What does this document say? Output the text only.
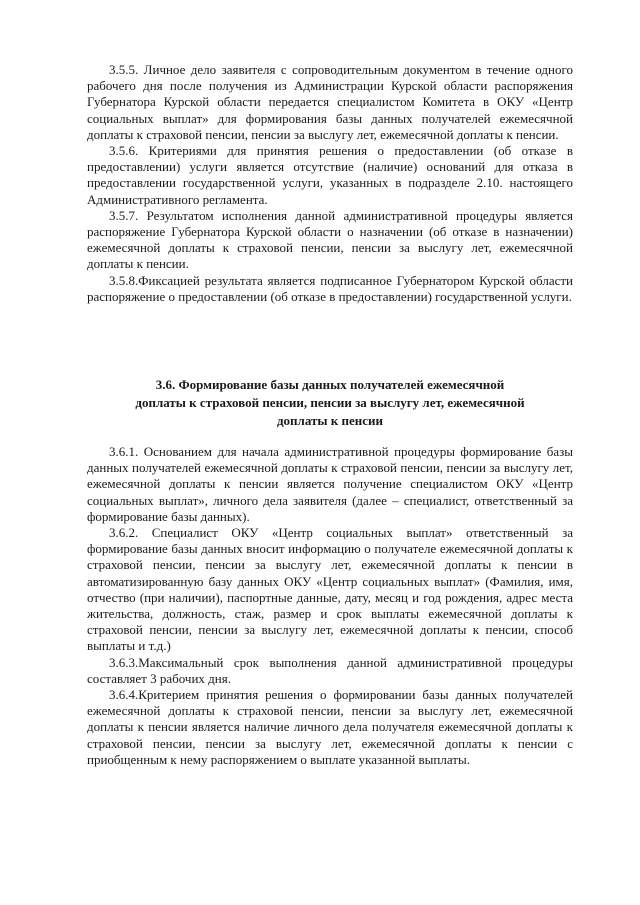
3.5.5. Личное дело заявителя с сопроводительным документом в течение одного рабочего дня после получения из Администрации Курской области распоряжения Губернатора Курской области передается специалистом Комитета в ОКУ «Центр социальных выплат» для формирования базы данных получателей ежемесячной доплаты к страховой пенсии, пенсии за выслугу лет, ежемесячной доплаты к пенсии.

3.5.6. Критериями для принятия решения о предоставлении (об отказе в предоставлении) услуги является отсутствие (наличие) оснований для отказа в предоставлении государственной услуги, указанных в подразделе 2.10. настоящего Административного регламента.

3.5.7. Результатом исполнения данной административной процедуры является распоряжение Губернатора Курской области о назначении (об отказе в назначении) ежемесячной доплаты к страховой пенсии, пенсии за выслугу лет, ежемесячной доплаты к пенсии.

3.5.8.Фиксацией результата является подписанное Губернатором Курской области распоряжение о предоставлении (об отказе в предоставлении) государственной услуги.

3.6. Формирование базы данных получателей ежемесячной
доплаты к страховой пенсии, пенсии за выслугу лет, ежемесячной
доплаты к пенсии

3.6.1. Основанием для начала административной процедуры формирование базы данных получателей ежемесячной доплаты к страховой пенсии, пенсии за выслугу лет, ежемесячной доплаты к пенсии является получение специалистом ОКУ «Центр социальных выплат», личного дела заявителя (далее – специалист, ответственный за формирование базы данных).

3.6.2. Специалист ОКУ «Центр социальных выплат» ответственный за формирование базы данных вносит информацию о получателе ежемесячной доплаты к страховой пенсии, пенсии за выслугу лет, ежемесячной доплаты к пенсии в автоматизированную базу данных ОКУ «Центр социальных выплат» (Фамилия, имя, отчество (при наличии), паспортные данные, дату, месяц и год рождения, адрес места жительства, должность, стаж, размер и срок выплаты ежемесячной доплаты к страховой пенсии, пенсии за выслугу лет, ежемесячной доплаты к пенсии, способ выплаты и т.д.)

3.6.3.Максимальный срок выполнения данной административной процедуры составляет 3 рабочих дня.

3.6.4.Критерием принятия решения о формировании базы данных получателей ежемесячной доплаты к страховой пенсии, пенсии за выслугу лет, ежемесячной доплаты к пенсии является наличие личного дела получателя ежемесячной доплаты к страховой пенсии, пенсии за выслугу лет, ежемесячной доплаты к пенсии с приобщенным к нему распоряжением о выплате указанной выплаты.
